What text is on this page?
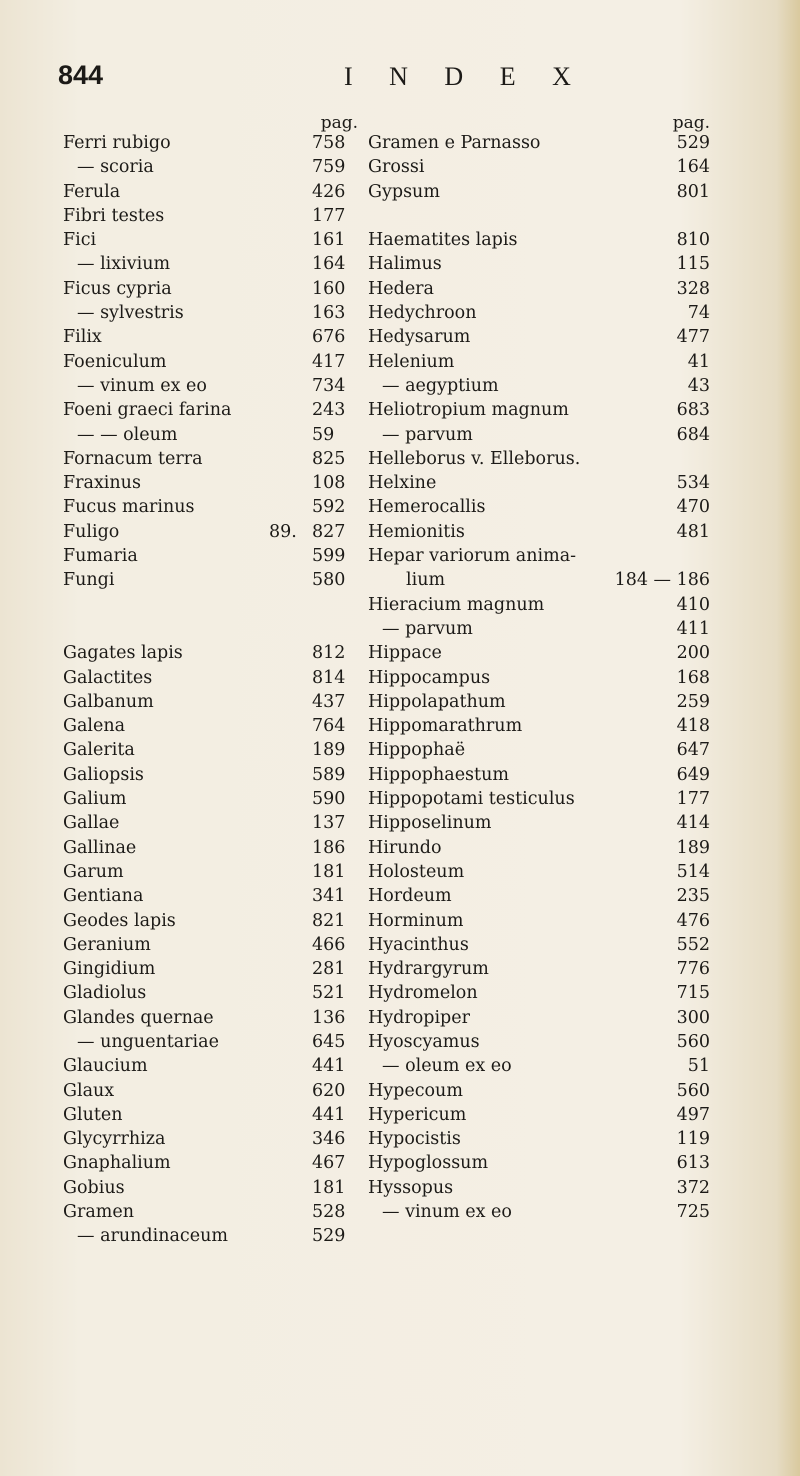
844	I N D E X
pag.
Ferri rubigo	758
— scoria	759
Ferula	426
Fibri testes	177
Fici	161
— lixivium	164
Ficus cypria	160
— sylvestris	163
Filix	676
Foeniculum	417
— vinum ex eo	734
Foeni graeci farina	243
— — oleum	59
Fornacum terra	825
Fraxinus	108
Fucus marinus	592
Fuligo	89. 827
Fumaria	599
Fungi	580
Gagates lapis	812
Galactites	814
Galbanum	437
Galena	764
Galerita	189
Galiopsis	589
Galium	590
Gallae	137
Gallinae	186
Garum	181
Gentiana	341
Geodes lapis	821
Geranium	466
Gingidium	281
Gladiolus	521
Glandes quernae	136
— unguentariae	645
Glaucium	441
Glaux	620
Gluten	441
Glycyrrhiza	346
Gnaphalium	467
Gobius	181
Gramen	528
— arundinaceum	529
pag.
Gramen e Parnasso	529
Grossi	164
Gypsum	801
Haematites lapis	810
Halimus	115
Hedera	328
Hedychroon	74
Hedysarum	477
Helenium	41
— aegyptium	43
Heliotropium magnum	683
— parvum	684
Helleborus v. Elleborus.
Helxine	534
Hemerocallis	470
Hemionitis	481
Hepar variorum anima-
lium	184 — 186
Hieracium magnum	410
— parvum	411
Hippace	200
Hippocampus	168
Hippolapathum	259
Hippomarathrum	418
Hippophaë	647
Hippophaestum	649
Hippopotami testiculus	177
Hipposelinum	414
Hirundo	189
Holosteum	514
Hordeum	235
Horminum	476
Hyacinthus	552
Hydrargyrum	776
Hydromelon	715
Hydropiper	300
Hyoscyamus	560
— oleum ex eo	51
Hypecoum	560
Hypericum	497
Hypocistis	119
Hypoglossum	613
Hyssopus	372
— vinum ex eo	725
